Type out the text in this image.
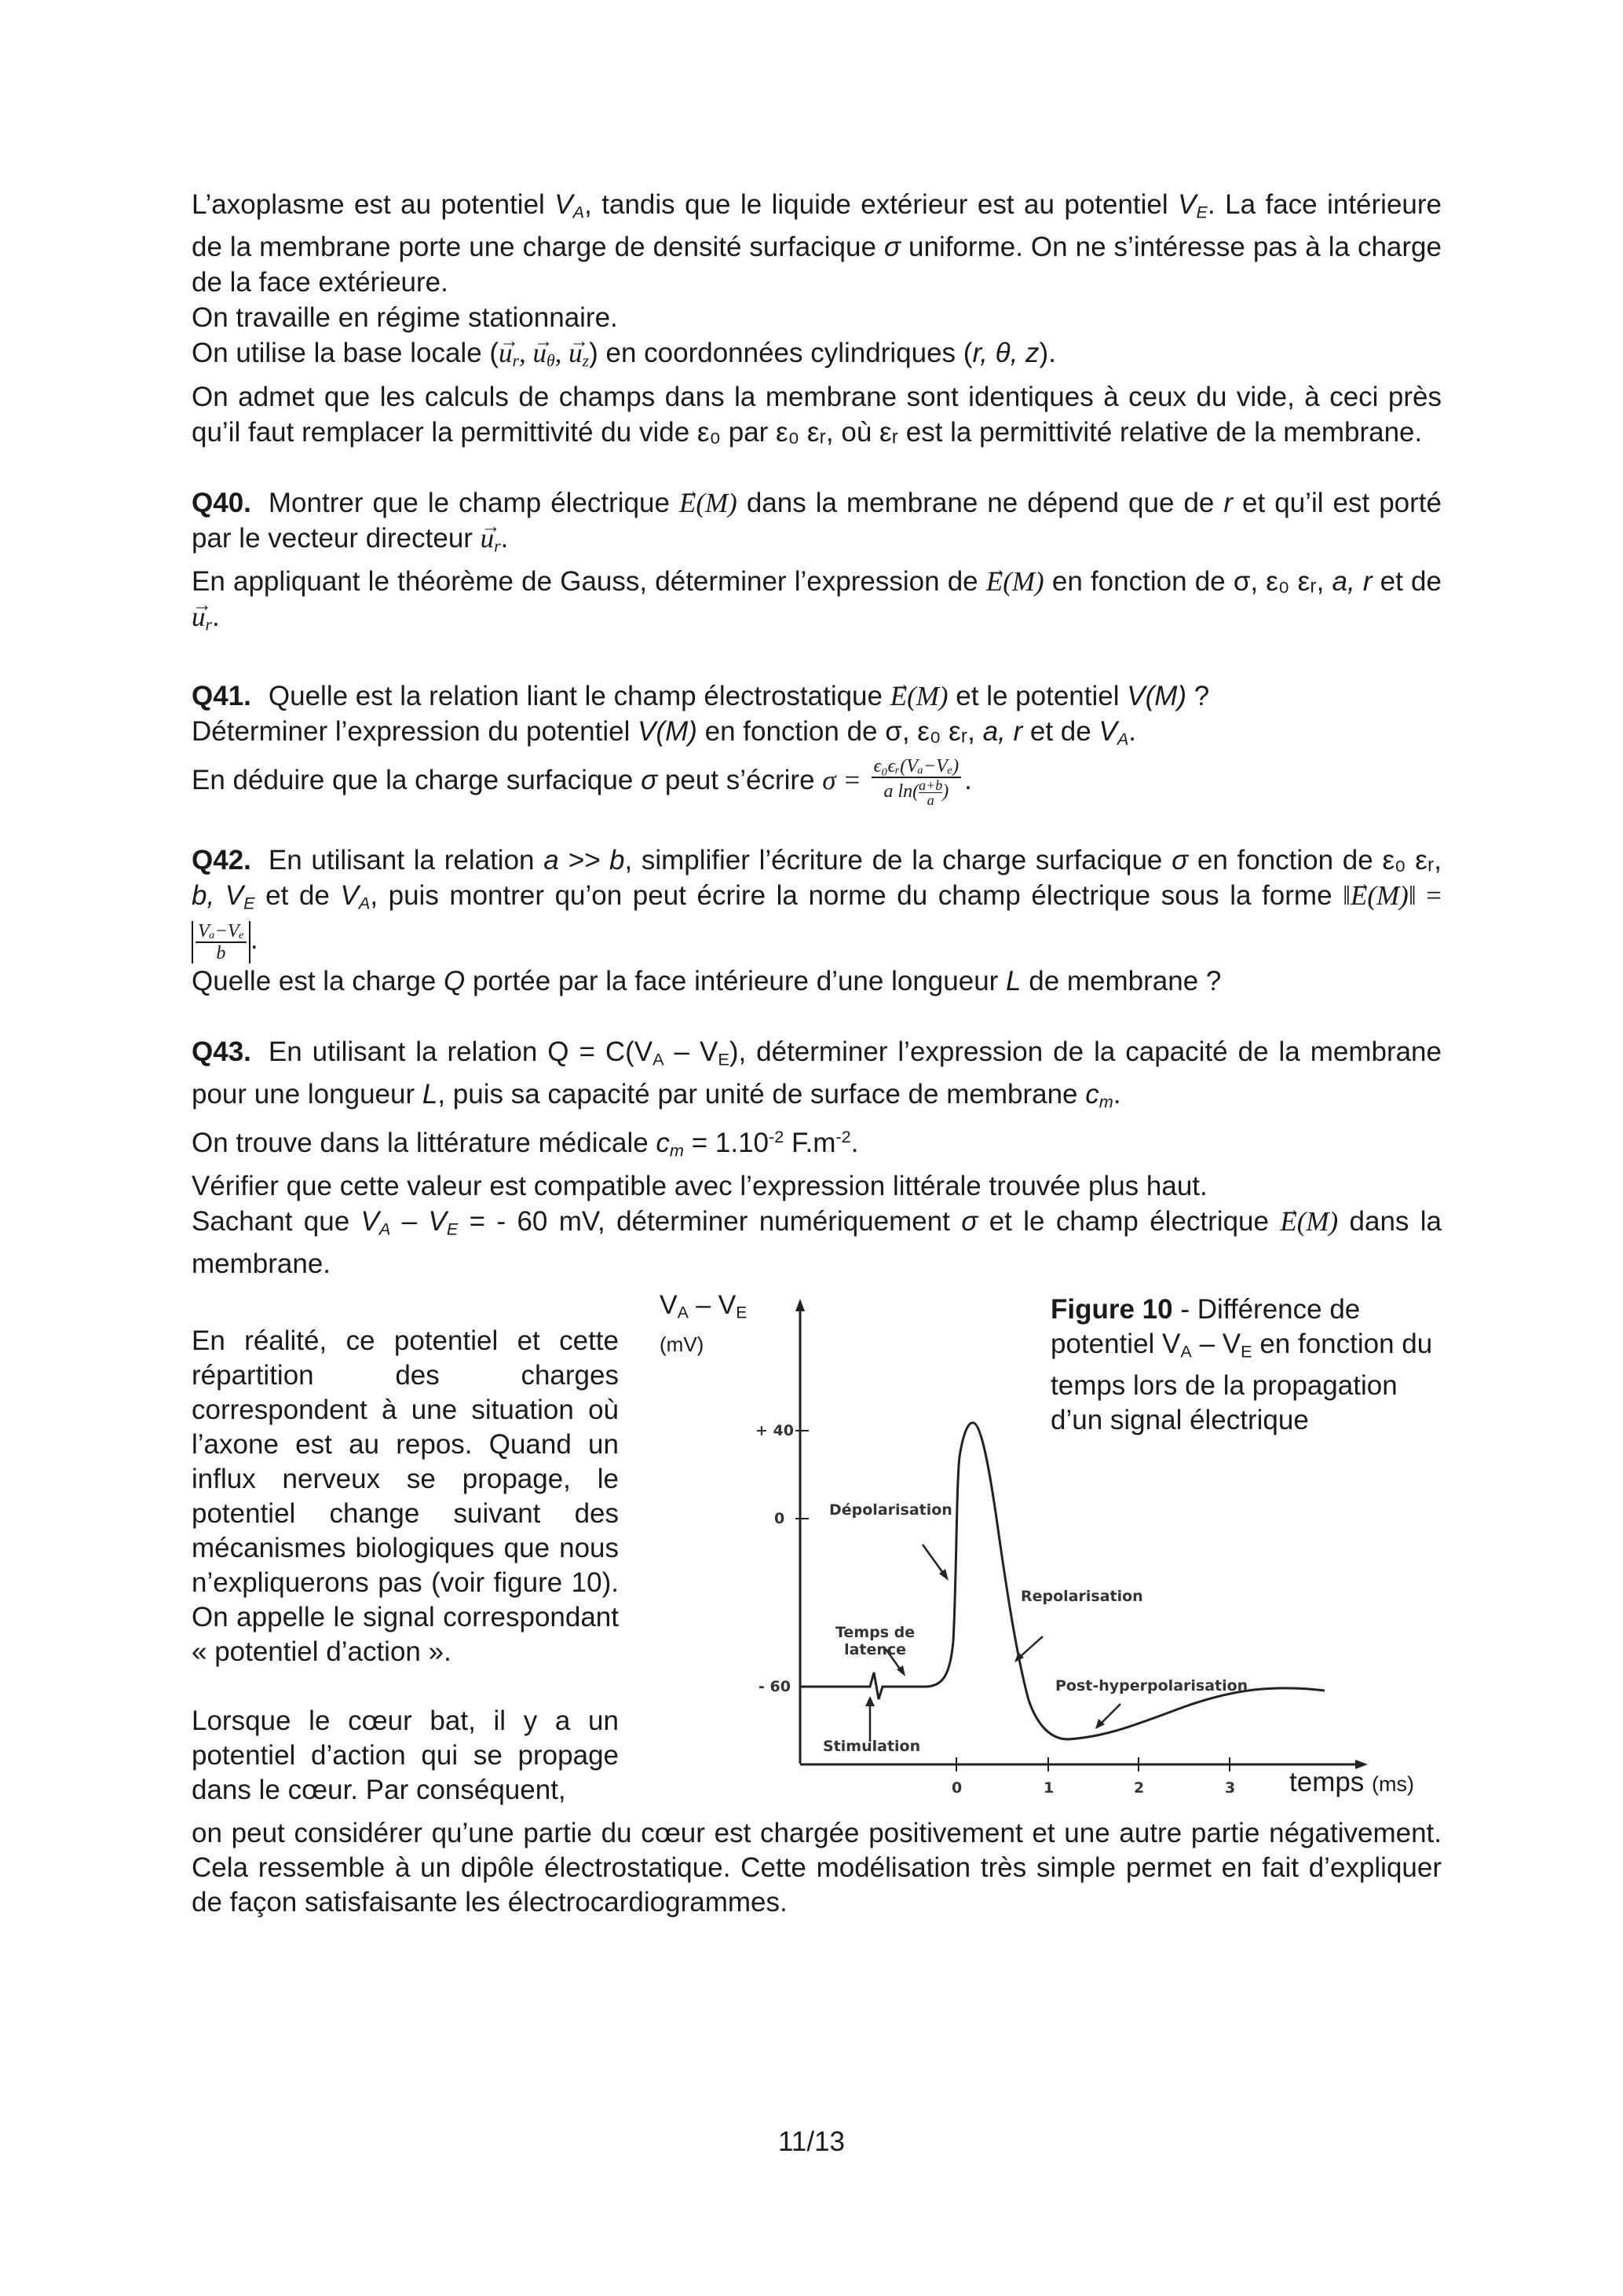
L’axoplasme est au potentiel $V_A$, tandis que le liquide extérieur est au potentiel $V_E$. La face intérieure de la membrane porte une charge de densité surfacique σ uniforme. On ne s’intéresse pas à la charge de la face extérieure.

On travaille en régime stationnaire.

On utilise la base locale (→ $u_r$, → $u_\theta$, → $u_z$) en coordonnées cylindriques (r, θ, z).

On admet que les calculs de champs dans la membrane sont identiques à ceux du vide, à ceci près qu’il faut remplacer la permittivité du vide ε₀ par ε₀ εᵣ, où εᵣ est la permittivité relative de la membrane.

Q40. Montrer que le champ électrique → E(M) dans la membrane ne dépend que de r et qu’il est porté par le vecteur directeur → $u_r$.

En appliquant le théorème de Gauss, déterminer l’expression de → E(M) en fonction de σ, ε₀ εᵣ, a, r et de → $u_r$.

Q41. Quelle est la relation liant le champ électrostatique → E(M) et le potentiel V(M) ?

Déterminer l’expression du potentiel V(M) en fonction de σ, ε₀ εᵣ, a, r et de $V_A$.

En déduire que la charge surfacique σ peut s’écrire $\sigma = \frac{\text{ϵ₀ϵᵣ(Vₐ−Vₑ)}}{a \ln( \frac{a+b}{a} )}$ .

Q42. En utilisant la relation a >> b, simplifier l’écriture de la charge surfacique σ en fonction de ε₀ εᵣ, b, $V_E$ et de $V_A$, puis montrer qu’on peut écrire la norme du champ électrique sous la forme ‖→ E(M)‖ =
$\frac{\text{Vₐ−Vₑ}}{b}$ .

Quelle est la charge Q portée par la face intérieure d’une longueur L de membrane ?

Q43. En utilisant la relation $Q = C(V_A - V_E)$, déterminer l’expression de la capacité de la membrane pour une longueur L, puis sa capacité par unité de surface de membrane $c_m$.

On trouve dans la littérature médicale $c_m = 1.10^{-2}$ $F.m^{-2}$.

Vérifier que cette valeur est compatible avec l’expression littérale trouvée plus haut.

Sachant que $V_A - V_E$ = - 60 mV, déterminer numériquement σ et le champ électrique → E(M) dans la membrane.

En réalité, ce potentiel et cette répartition des charges correspondent à une situation où l’axone est au repos. Quand un influx nerveux se propage, le potentiel change suivant des mécanismes biologiques que nous n’expliquerons pas (voir figure 10). On appelle le signal correspondant « potentiel d’action ».

Lorsque le cœur bat, il y a un potentiel d’action qui se propage dans le cœur. Par conséquent,

$V_A - V_E$
(mV)
+ 40
0
- 60
0	1	2	3
Dépolarisation
Repolarisation
Temps de
latence
Post-hyperpolarisation
Stimulation
Figure 10 - Différence de potentiel $V_A - V_E$ en fonction du temps lors de la propagation d’un signal électrique
temps (ms)

on peut considérer qu’une partie du cœur est chargée positivement et une autre partie négativement. Cela ressemble à un dipôle électrostatique. Cette modélisation très simple permet en fait d’expliquer de façon satisfaisante les électrocardiogrammes.

11/13
